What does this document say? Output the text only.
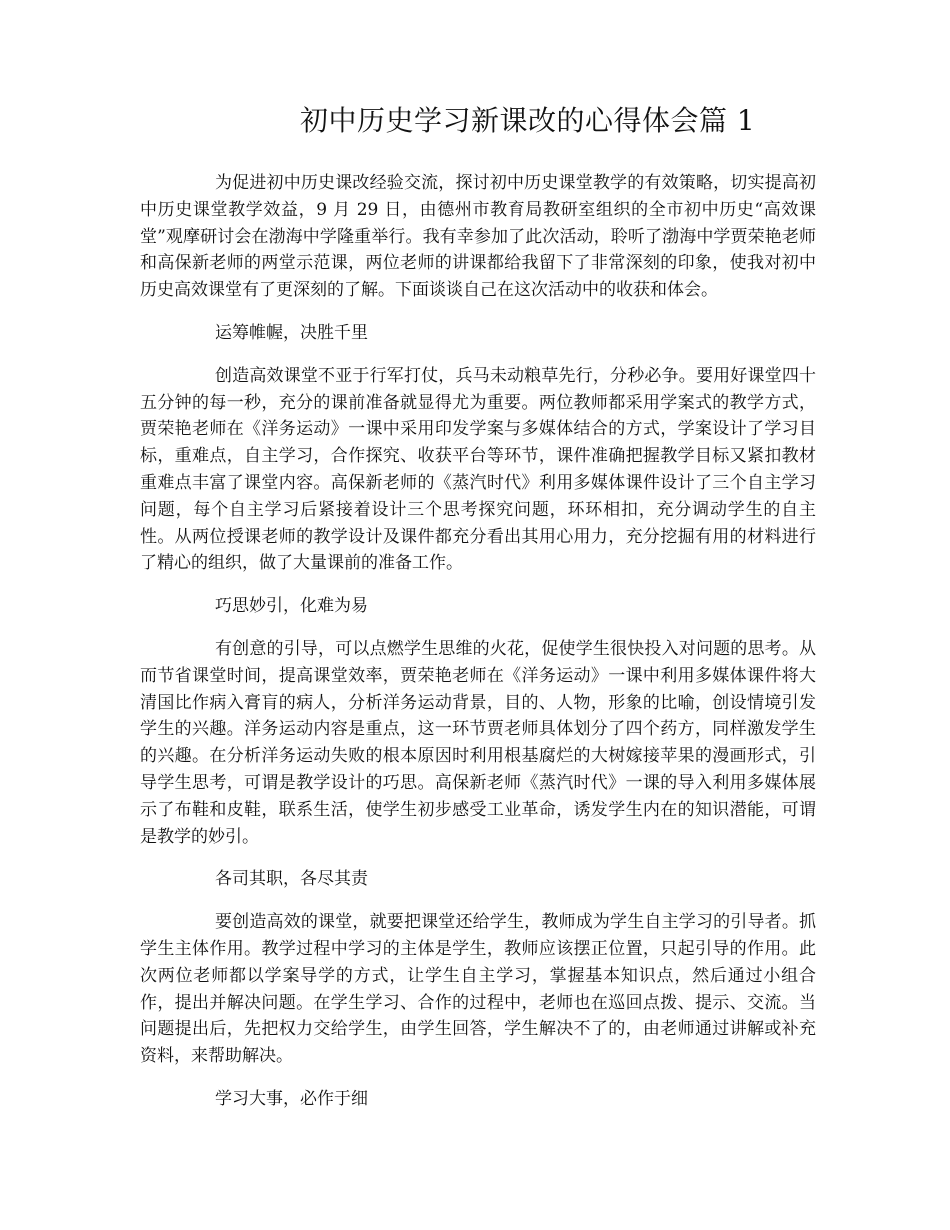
初中历史学习新课改的心得体会篇 1

为促进初中历史课改经验交流，探讨初中历史课堂教学的有效策略，切实提高初中历史课堂教学效益，9 月 29 日，由德州市教育局教研室组织的全市初中历史“高效课堂”观摩研讨会在渤海中学隆重举行。我有幸参加了此次活动，聆听了渤海中学贾荣艳老师和高保新老师的两堂示范课，两位老师的讲课都给我留下了非常深刻的印象，使我对初中历史高效课堂有了更深刻的了解。下面谈谈自己在这次活动中的收获和体会。

运筹帷幄，决胜千里

创造高效课堂不亚于行军打仗，兵马未动粮草先行，分秒必争。要用好课堂四十五分钟的每一秒，充分的课前准备就显得尤为重要。两位教师都采用学案式的教学方式，贾荣艳老师在《洋务运动》一课中采用印发学案与多媒体结合的方式，学案设计了学习目标，重难点，自主学习，合作探究、收获平台等环节，课件准确把握教学目标又紧扣教材重难点丰富了课堂内容。高保新老师的《蒸汽时代》利用多媒体课件设计了三个自主学习问题，每个自主学习后紧接着设计三个思考探究问题，环环相扣，充分调动学生的自主性。从两位授课老师的教学设计及课件都充分看出其用心用力，充分挖掘有用的材料进行了精心的组织，做了大量课前的准备工作。

巧思妙引，化难为易

有创意的引导，可以点燃学生思维的火花，促使学生很快投入对问题的思考。从而节省课堂时间，提高课堂效率，贾荣艳老师在《洋务运动》一课中利用多媒体课件将大清国比作病入膏肓的病人，分析洋务运动背景，目的、人物，形象的比喻，创设情境引发学生的兴趣。洋务运动内容是重点，这一环节贾老师具体划分了四个药方，同样激发学生的兴趣。在分析洋务运动失败的根本原因时利用根基腐烂的大树嫁接苹果的漫画形式，引导学生思考，可谓是教学设计的巧思。高保新老师《蒸汽时代》一课的导入利用多媒体展示了布鞋和皮鞋，联系生活，使学生初步感受工业革命，诱发学生内在的知识潜能，可谓是教学的妙引。

各司其职，各尽其责

要创造高效的课堂，就要把课堂还给学生，教师成为学生自主学习的引导者。抓学生主体作用。教学过程中学习的主体是学生，教师应该摆正位置，只起引导的作用。此次两位老师都以学案导学的方式，让学生自主学习，掌握基本知识点，然后通过小组合作，提出并解决问题。在学生学习、合作的过程中，老师也在巡回点拨、提示、交流。当问题提出后，先把权力交给学生，由学生回答，学生解决不了的，由老师通过讲解或补充资料，来帮助解决。

学习大事，必作于细
